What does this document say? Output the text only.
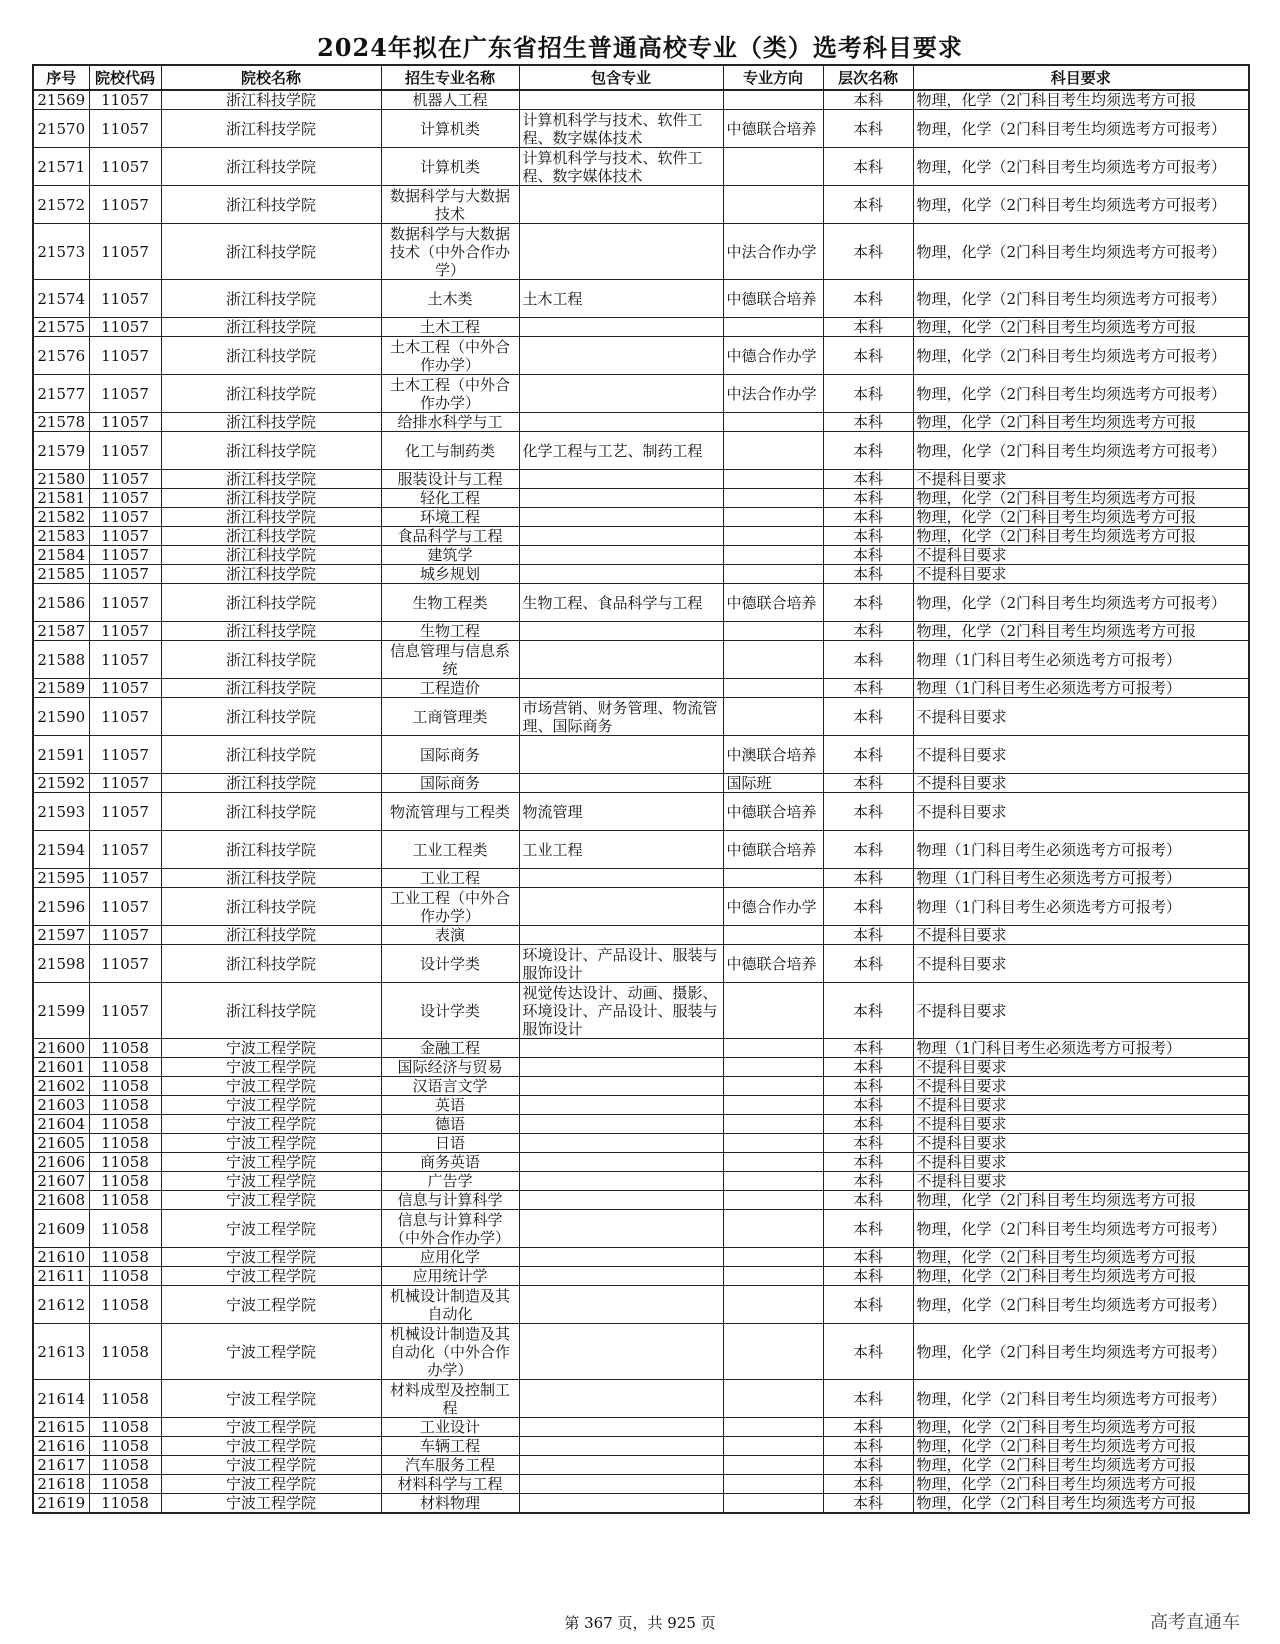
2024年拟在广东省招生普通高校专业（类）选考科目要求
序号	院校代码	院校名称	招生专业名称	包含专业	专业方向	层次名称	科目要求
21569	11057	浙江科技学院	机器人工程			本科	物理，化学（2门科目考生均须选考方可报
21570	11057	浙江科技学院	计算机类	计算机科学与技术、软件工程、数字媒体技术	中德联合培养	本科	物理，化学（2门科目考生均须选考方可报考）
21571	11057	浙江科技学院	计算机类	计算机科学与技术、软件工程、数字媒体技术		本科	物理，化学（2门科目考生均须选考方可报考）
21572	11057	浙江科技学院	数据科学与大数据技术			本科	物理，化学（2门科目考生均须选考方可报考）
21573	11057	浙江科技学院	数据科学与大数据技术（中外合作办学）		中法合作办学	本科	物理，化学（2门科目考生均须选考方可报考）
21574	11057	浙江科技学院	土木类	土木工程	中德联合培养	本科	物理，化学（2门科目考生均须选考方可报考）
21575	11057	浙江科技学院	土木工程			本科	物理，化学（2门科目考生均须选考方可报
21576	11057	浙江科技学院	土木工程（中外合作办学）		中德合作办学	本科	物理，化学（2门科目考生均须选考方可报考）
21577	11057	浙江科技学院	土木工程（中外合作办学）		中法合作办学	本科	物理，化学（2门科目考生均须选考方可报考）
21578	11057	浙江科技学院	给排水科学与工			本科	物理，化学（2门科目考生均须选考方可报
21579	11057	浙江科技学院	化工与制药类	化学工程与工艺、制药工程		本科	物理，化学（2门科目考生均须选考方可报考）
21580	11057	浙江科技学院	服装设计与工程			本科	不提科目要求
21581	11057	浙江科技学院	轻化工程			本科	物理，化学（2门科目考生均须选考方可报
21582	11057	浙江科技学院	环境工程			本科	物理，化学（2门科目考生均须选考方可报
21583	11057	浙江科技学院	食品科学与工程			本科	物理，化学（2门科目考生均须选考方可报
21584	11057	浙江科技学院	建筑学			本科	不提科目要求
21585	11057	浙江科技学院	城乡规划			本科	不提科目要求
21586	11057	浙江科技学院	生物工程类	生物工程、食品科学与工程	中德联合培养	本科	物理，化学（2门科目考生均须选考方可报考）
21587	11057	浙江科技学院	生物工程			本科	物理，化学（2门科目考生均须选考方可报
21588	11057	浙江科技学院	信息管理与信息系统			本科	物理（1门科目考生必须选考方可报考）
21589	11057	浙江科技学院	工程造价			本科	物理（1门科目考生必须选考方可报考）
21590	11057	浙江科技学院	工商管理类	市场营销、财务管理、物流管理、国际商务		本科	不提科目要求
21591	11057	浙江科技学院	国际商务		中澳联合培养	本科	不提科目要求
21592	11057	浙江科技学院	国际商务		国际班	本科	不提科目要求
21593	11057	浙江科技学院	物流管理与工程类	物流管理	中德联合培养	本科	不提科目要求
21594	11057	浙江科技学院	工业工程类	工业工程	中德联合培养	本科	物理（1门科目考生必须选考方可报考）
21595	11057	浙江科技学院	工业工程			本科	物理（1门科目考生必须选考方可报考）
21596	11057	浙江科技学院	工业工程（中外合作办学）		中德合作办学	本科	物理（1门科目考生必须选考方可报考）
21597	11057	浙江科技学院	表演			本科	不提科目要求
21598	11057	浙江科技学院	设计学类	环境设计、产品设计、服装与服饰设计	中德联合培养	本科	不提科目要求
21599	11057	浙江科技学院	设计学类	视觉传达设计、动画、摄影、环境设计、产品设计、服装与服饰设计		本科	不提科目要求
21600	11058	宁波工程学院	金融工程			本科	物理（1门科目考生必须选考方可报考）
21601	11058	宁波工程学院	国际经济与贸易			本科	不提科目要求
21602	11058	宁波工程学院	汉语言文学			本科	不提科目要求
21603	11058	宁波工程学院	英语			本科	不提科目要求
21604	11058	宁波工程学院	德语			本科	不提科目要求
21605	11058	宁波工程学院	日语			本科	不提科目要求
21606	11058	宁波工程学院	商务英语			本科	不提科目要求
21607	11058	宁波工程学院	广告学			本科	不提科目要求
21608	11058	宁波工程学院	信息与计算科学			本科	物理，化学（2门科目考生均须选考方可报
21609	11058	宁波工程学院	信息与计算科学（中外合作办学）			本科	物理，化学（2门科目考生均须选考方可报考）
21610	11058	宁波工程学院	应用化学			本科	物理，化学（2门科目考生均须选考方可报
21611	11058	宁波工程学院	应用统计学			本科	物理，化学（2门科目考生均须选考方可报
21612	11058	宁波工程学院	机械设计制造及其自动化			本科	物理，化学（2门科目考生均须选考方可报考）
21613	11058	宁波工程学院	机械设计制造及其自动化（中外合作办学）			本科	物理，化学（2门科目考生均须选考方可报考）
21614	11058	宁波工程学院	材料成型及控制工程			本科	物理，化学（2门科目考生均须选考方可报考）
21615	11058	宁波工程学院	工业设计			本科	物理，化学（2门科目考生均须选考方可报
21616	11058	宁波工程学院	车辆工程			本科	物理，化学（2门科目考生均须选考方可报
21617	11058	宁波工程学院	汽车服务工程			本科	物理，化学（2门科目考生均须选考方可报
21618	11058	宁波工程学院	材料科学与工程			本科	物理，化学（2门科目考生均须选考方可报
21619	11058	宁波工程学院	材料物理			本科	物理，化学（2门科目考生均须选考方可报
第 367 页，共 925 页	高考直通车
